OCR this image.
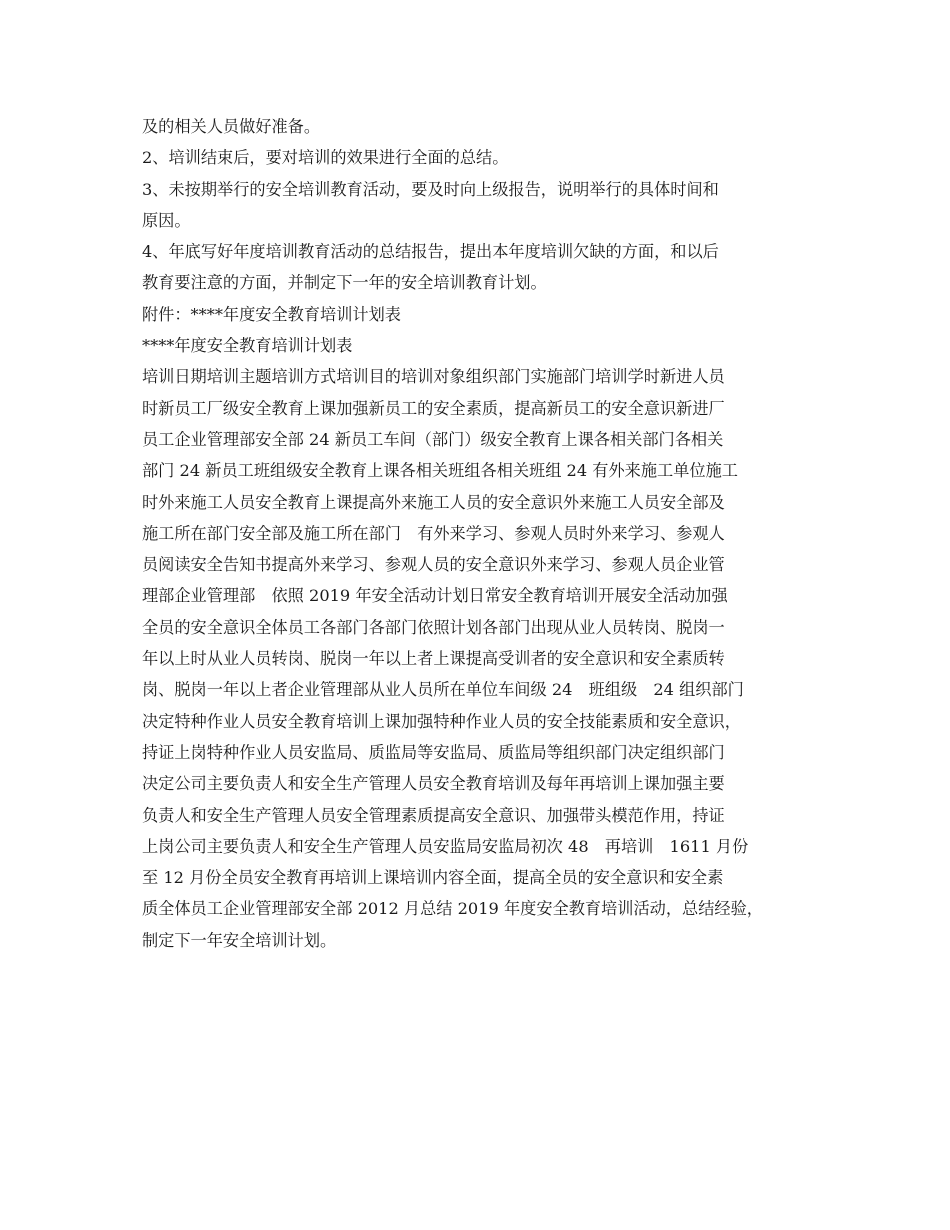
及的相关人员做好准备。
2、培训结束后，要对培训的效果进行全面的总结。
3、未按期举行的安全培训教育活动，要及时向上级报告，说明举行的具体时间和
原因。
4、年底写好年度培训教育活动的总结报告，提出本年度培训欠缺的方面，和以后
教育要注意的方面，并制定下一年的安全培训教育计划。
附件：****年度安全教育培训计划表
****年度安全教育培训计划表
培训日期培训主题培训方式培训目的培训对象组织部门实施部门培训学时新进人员
时新员工厂级安全教育上课加强新员工的安全素质，提高新员工的安全意识新进厂
员工企业管理部安全部 24 新员工车间（部门）级安全教育上课各相关部门各相关
部门 24 新员工班组级安全教育上课各相关班组各相关班组 24 有外来施工单位施工
时外来施工人员安全教育上课提高外来施工人员的安全意识外来施工人员安全部及
施工所在部门安全部及施工所在部门　有外来学习、参观人员时外来学习、参观人
员阅读安全告知书提高外来学习、参观人员的安全意识外来学习、参观人员企业管
理部企业管理部　依照 2019 年安全活动计划日常安全教育培训开展安全活动加强
全员的安全意识全体员工各部门各部门依照计划各部门出现从业人员转岗、脱岗一
年以上时从业人员转岗、脱岗一年以上者上课提高受训者的安全意识和安全素质转
岗、脱岗一年以上者企业管理部从业人员所在单位车间级 24　班组级　24 组织部门
决定特种作业人员安全教育培训上课加强特种作业人员的安全技能素质和安全意识，
持证上岗特种作业人员安监局、质监局等安监局、质监局等组织部门决定组织部门
决定公司主要负责人和安全生产管理人员安全教育培训及每年再培训上课加强主要
负责人和安全生产管理人员安全管理素质提高安全意识、加强带头模范作用，持证
上岗公司主要负责人和安全生产管理人员安监局安监局初次 48　再培训　1611 月份
至 12 月份全员安全教育再培训上课培训内容全面，提高全员的安全意识和安全素
质全体员工企业管理部安全部 2012 月总结 2019 年度安全教育培训活动，总结经验，
制定下一年安全培训计划。
